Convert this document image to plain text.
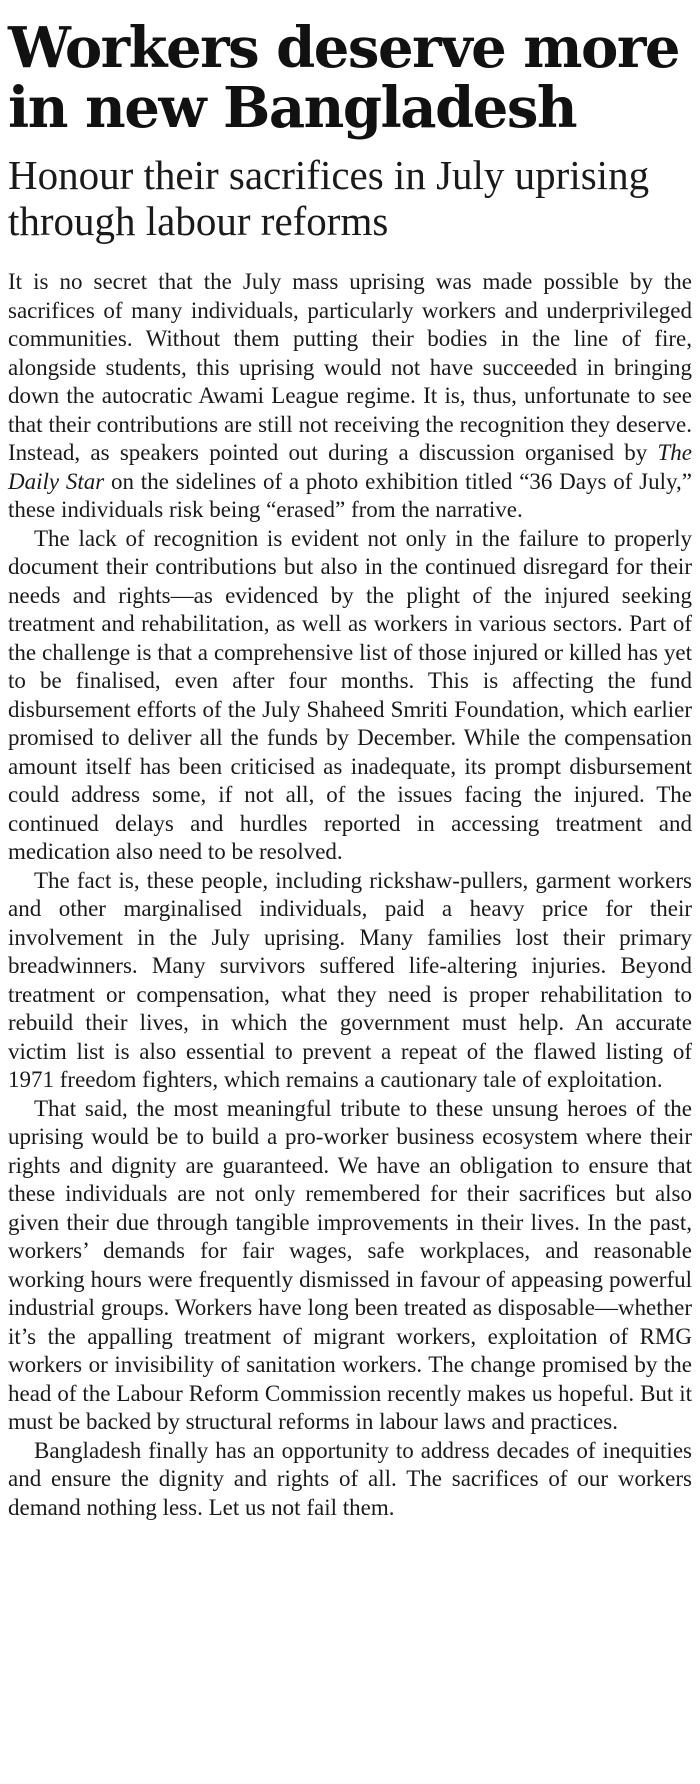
Workers deserve more in new Bangladesh
Honour their sacrifices in July uprising through labour reforms

It is no secret that the July mass uprising was made possible by the sacrifices of many individuals, particularly workers and underprivileged communities. Without them putting their bodies in the line of fire, alongside students, this uprising would not have succeeded in bringing down the autocratic Awami League regime. It is, thus, unfortunate to see that their contributions are still not receiving the recognition they deserve. Instead, as speakers pointed out during a discussion organised by The Daily Star on the sidelines of a photo exhibition titled “36 Days of July,” these individuals risk being “erased” from the narrative.

The lack of recognition is evident not only in the failure to properly document their contributions but also in the continued disregard for their needs and rights—as evidenced by the plight of the injured seeking treatment and rehabilitation, as well as workers in various sectors. Part of the challenge is that a comprehensive list of those injured or killed has yet to be finalised, even after four months. This is affecting the fund disbursement efforts of the July Shaheed Smriti Foundation, which earlier promised to deliver all the funds by December. While the compensation amount itself has been criticised as inadequate, its prompt disbursement could address some, if not all, of the issues facing the injured. The continued delays and hurdles reported in accessing treatment and medication also need to be resolved.

The fact is, these people, including rickshaw-pullers, garment workers and other marginalised individuals, paid a heavy price for their involvement in the July uprising. Many families lost their primary breadwinners. Many survivors suffered life-altering injuries. Beyond treatment or compensation, what they need is proper rehabilitation to rebuild their lives, in which the government must help. An accurate victim list is also essential to prevent a repeat of the flawed listing of 1971 freedom fighters, which remains a cautionary tale of exploitation.

That said, the most meaningful tribute to these unsung heroes of the uprising would be to build a pro-worker business ecosystem where their rights and dignity are guaranteed. We have an obligation to ensure that these individuals are not only remembered for their sacrifices but also given their due through tangible improvements in their lives. In the past, workers’ demands for fair wages, safe workplaces, and reasonable working hours were frequently dismissed in favour of appeasing powerful industrial groups. Workers have long been treated as disposable—whether it’s the appalling treatment of migrant workers, exploitation of RMG workers or invisibility of sanitation workers. The change promised by the head of the Labour Reform Commission recently makes us hopeful. But it must be backed by structural reforms in labour laws and practices.

Bangladesh finally has an opportunity to address decades of inequities and ensure the dignity and rights of all. The sacrifices of our workers demand nothing less. Let us not fail them.
